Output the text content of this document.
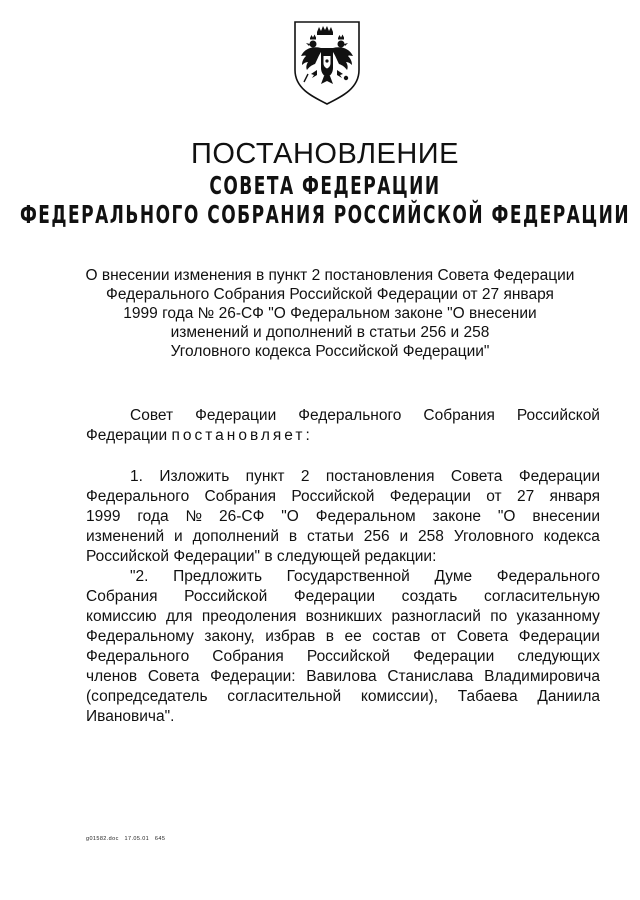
ПОСТАНОВЛЕНИЕ
СОВЕТА ФЕДЕРАЦИИ
ФЕДЕРАЛЬНОГО СОБРАНИЯ РОССИЙСКОЙ ФЕДЕРАЦИИ
О внесении изменения в пункт 2 постановления Совета Федерации
Федерального Собрания Российской Федерации от 27 января
1999 года № 26-СФ "О Федеральном законе "О внесении
изменений и дополнений в статьи 256 и 258
Уголовного кодекса Российской Федерации"
Совет Федерации Федерального Собрания Российской
Федерации постановляет:
1. Изложить пункт 2 постановления Совета Федерации
Федерального Собрания Российской Федерации от 27 января
1999 года № 26-СФ "О Федеральном законе "О внесении
изменений и дополнений в статьи 256 и 258 Уголовного кодекса
Российской Федерации" в следующей редакции:
"2. Предложить Государственной Думе Федерального
Собрания Российской Федерации создать согласительную
комиссию для преодоления возникших разногласий по указанному
Федеральному закону, избрав в ее состав от Совета Федерации
Федерального Собрания Российской Федерации следующих
членов Совета Федерации: Вавилова Станислава Владимировича
(сопредседатель согласительной комиссии), Табаева Даниила
Ивановича".
g01582.doc   17.05.01   645
